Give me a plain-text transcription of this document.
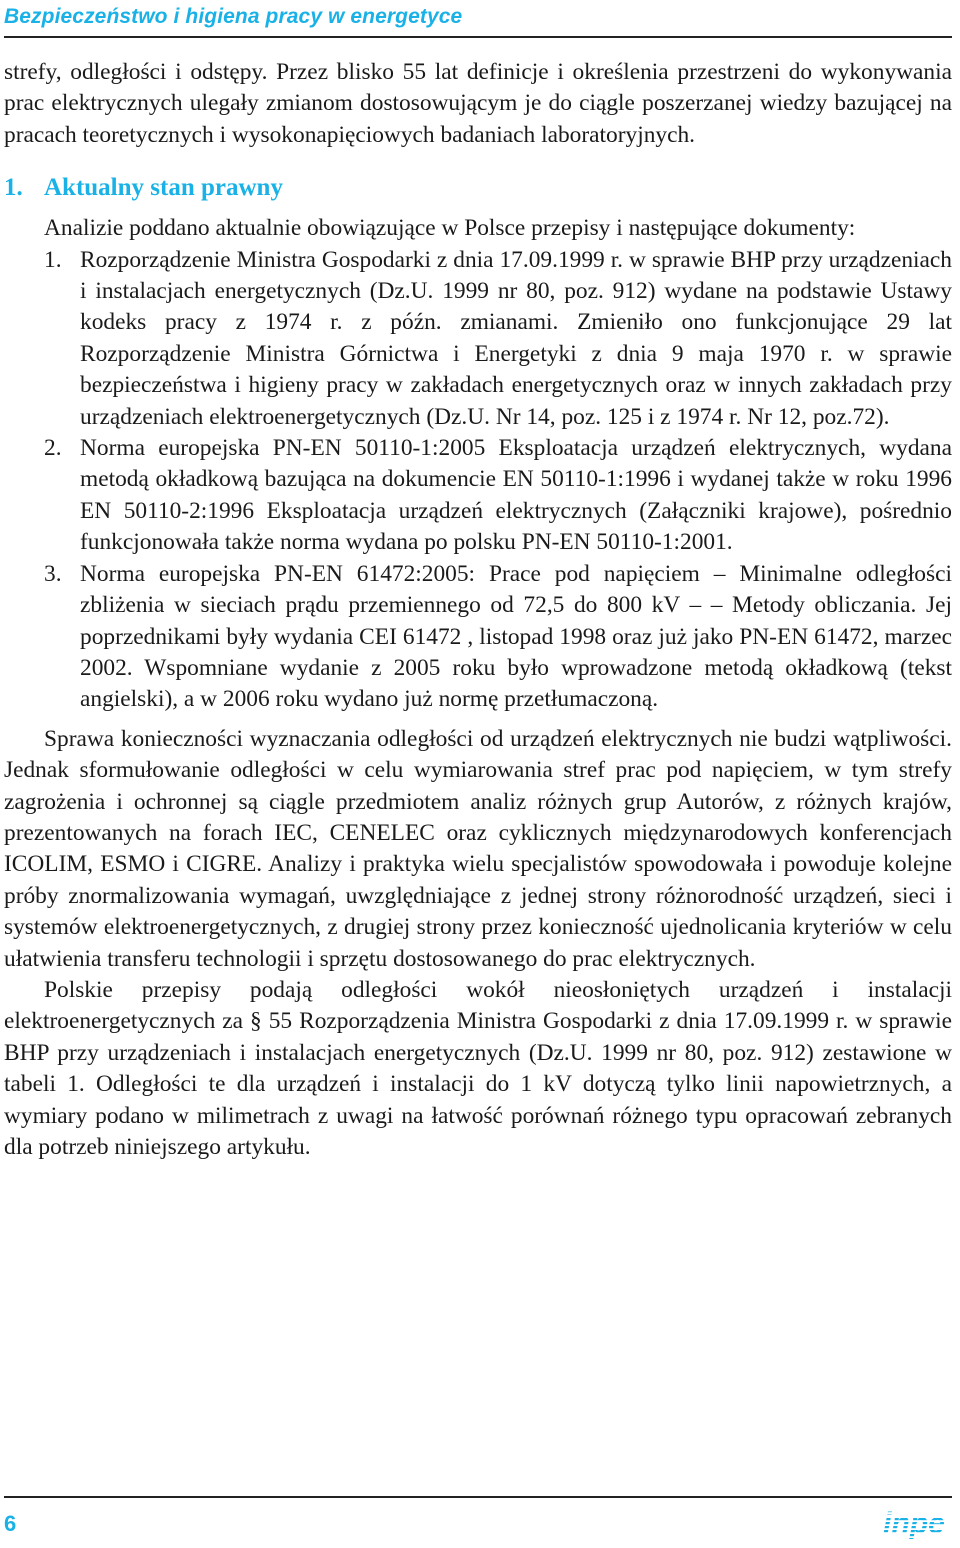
Bezpieczeństwo i higiena pracy w energetyce

strefy, odległości i odstępy. Przez blisko 55 lat definicje i określenia przestrzeni do wykonywania prac elektrycznych ulegały zmianom dostosowującym je do ciągle poszerzanej wiedzy bazującej na pracach teoretycznych i wysokonapięciowych badaniach laboratoryjnych.

1. Aktualny stan prawny

Analizie poddano aktualnie obowiązujące w Polsce przepisy i następujące dokumenty:

1. Rozporządzenie Ministra Gospodarki z dnia 17.09.1999 r. w sprawie BHP przy urządzeniach i instalacjach energetycznych (Dz.U. 1999 nr 80, poz. 912) wydane na podstawie Ustawy kodeks pracy z 1974 r. z późn. zmianami. Zmieniło ono funkcjonujące 29 lat Rozporządzenie Ministra Górnictwa i Energetyki z dnia 9 maja 1970 r. w sprawie bezpieczeństwa i higieny pracy w zakładach energetycznych oraz w innych zakładach przy urządzeniach elektroenergetycznych (Dz.U. Nr 14, poz. 125 i z 1974 r. Nr 12, poz.72).
2. Norma europejska PN-EN 50110-1:2005 Eksploatacja urządzeń elektrycznych, wydana metodą okładkową bazująca na dokumencie EN 50110-1:1996 i wydanej także w roku 1996 EN 50110-2:1996 Eksploatacja urządzeń elektrycznych (Załączniki krajowe), pośrednio funkcjonowała także norma wydana po polsku PN-EN 50110-1:2001.
3. Norma europejska PN-EN 61472:2005: Prace pod napięciem – Minimalne odległości zbliżenia w sieciach prądu przemiennego od 72,5 do 800 kV – – Metody obliczania. Jej poprzednikami były wydania CEI 61472 , listopad 1998 oraz już jako PN-EN 61472, marzec 2002. Wspomniane wydanie z 2005 roku było wprowadzone metodą okładkową (tekst angielski), a w 2006 roku wydano już normę przetłumaczoną.

Sprawa konieczności wyznaczania odległości od urządzeń elektrycznych nie budzi wątpliwości. Jednak sformułowanie odległości w celu wymiarowania stref prac pod napięciem, w tym strefy zagrożenia i ochronnej są ciągle przedmiotem analiz różnych grup Autorów, z różnych krajów, prezentowanych na forach IEC, CENELEC oraz cyklicznych międzynarodowych konferencjach ICOLIM, ESMO i CIGRE. Analizy i praktyka wielu specjalistów spowodowała i powoduje kolejne próby znormalizowania wymagań, uwzględniające z jednej strony różnorodność urządzeń, sieci i systemów elektroenergetycznych, z drugiej strony przez konieczność ujednolicania kryteriów w celu ułatwienia transferu technologii i sprzętu dostosowanego do prac elektrycznych.

Polskie przepisy podają odległości wokół nieosłoniętych urządzeń i instalacji elektroenergetycznych za § 55 Rozporządzenia Ministra Gospodarki z dnia 17.09.1999 r. w sprawie BHP przy urządzeniach i instalacjach energetycznych (Dz.U. 1999 nr 80, poz. 912) zestawione w tabeli 1. Odległości te dla urządzeń i instalacji do 1 kV dotyczą tylko linii napowietrznych, a wymiary podano w milimetrach z uwagi na łatwość porównań różnego typu opracowań zebranych dla potrzeb niniejszego artykułu.

6	inpe
